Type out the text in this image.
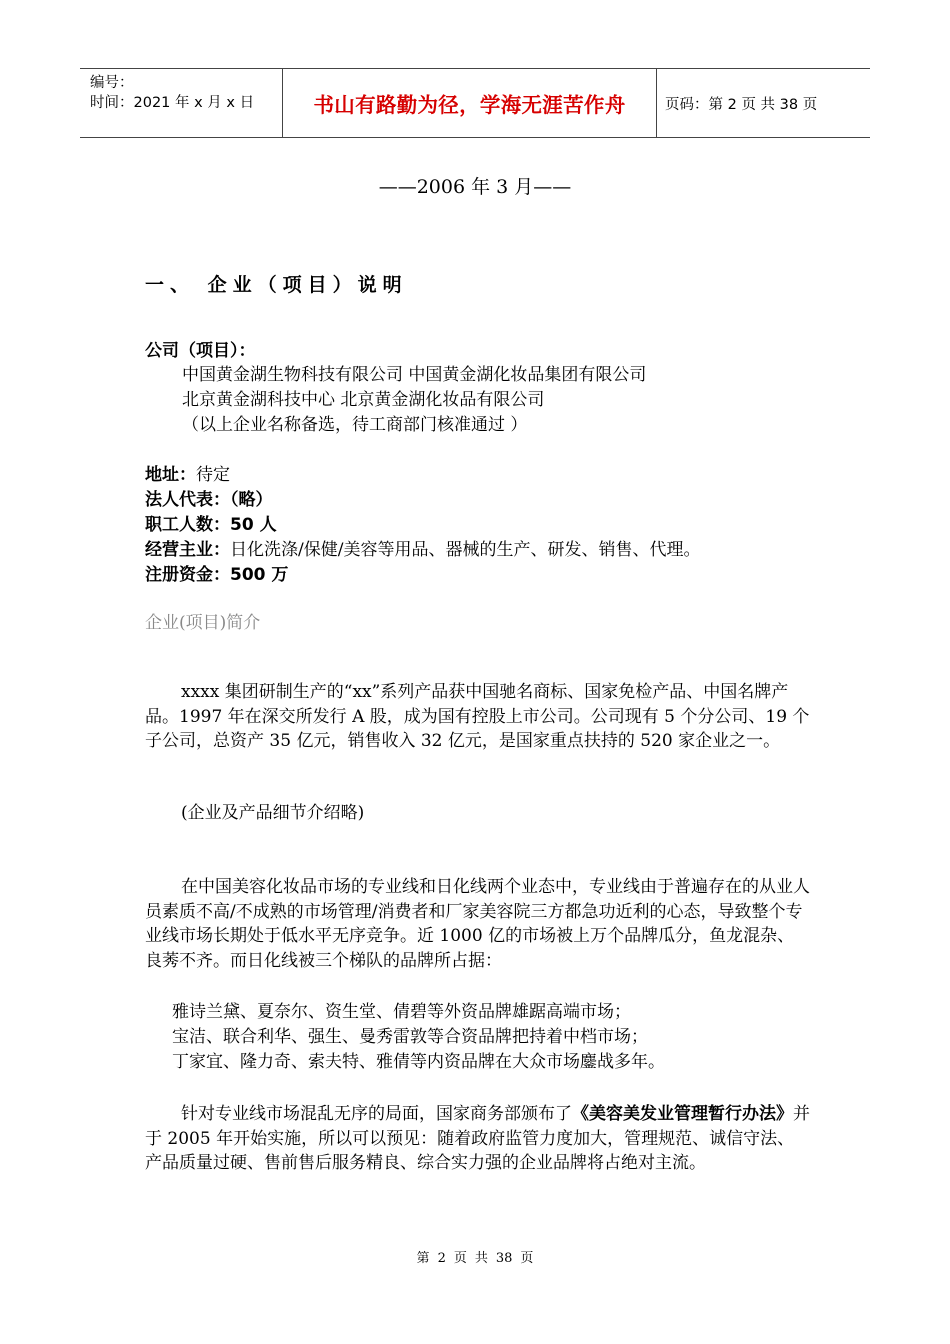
编号：
时间：2021 年 x 月 x 日	书山有路勤为径，学海无涯苦作舟	页码：第 2 页 共 38 页
——2006 年 3 月——
一、 企业（项目）说明
公司（项目）：
中国黄金湖生物科技有限公司 中国黄金湖化妆品集团有限公司
北京黄金湖科技中心 北京黄金湖化妆品有限公司
（以上企业名称备选，待工商部门核准通过 ）
地址：待定
法人代表：（略）
职工人数：50 人
经营主业：日化洗涤/保健/美容等用品、器械的生产、研发、销售、代理。
注册资金：500 万
企业(项目)简介
xxxx 集团研制生产的“xx”系列产品获中国驰名商标、国家免检产品、中国名牌产品。1997 年在深交所发行 A 股，成为国有控股上市公司。公司现有 5 个分公司、19 个子公司，总资产 35 亿元，销售收入 32 亿元，是国家重点扶持的 520 家企业之一。
(企业及产品细节介绍略)
在中国美容化妆品市场的专业线和日化线两个业态中，专业线由于普遍存在的从业人员素质不高/不成熟的市场管理/消费者和厂家美容院三方都急功近利的心态，导致整个专业线市场长期处于低水平无序竞争。近 1000 亿的市场被上万个品牌瓜分，鱼龙混杂、良莠不齐。而日化线被三个梯队的品牌所占据：
雅诗兰黛、夏奈尔、资生堂、倩碧等外资品牌雄踞高端市场；
宝洁、联合利华、强生、曼秀雷敦等合资品牌把持着中档市场；
丁家宜、隆力奇、索夫特、雅倩等内资品牌在大众市场鏖战多年。
针对专业线市场混乱无序的局面，国家商务部颁布了《美容美发业管理暂行办法》并于 2005 年开始实施，所以可以预见：随着政府监管力度加大，管理规范、诚信守法、产品质量过硬、售前售后服务精良、综合实力强的企业品牌将占绝对主流。
第 2 页 共 38 页
